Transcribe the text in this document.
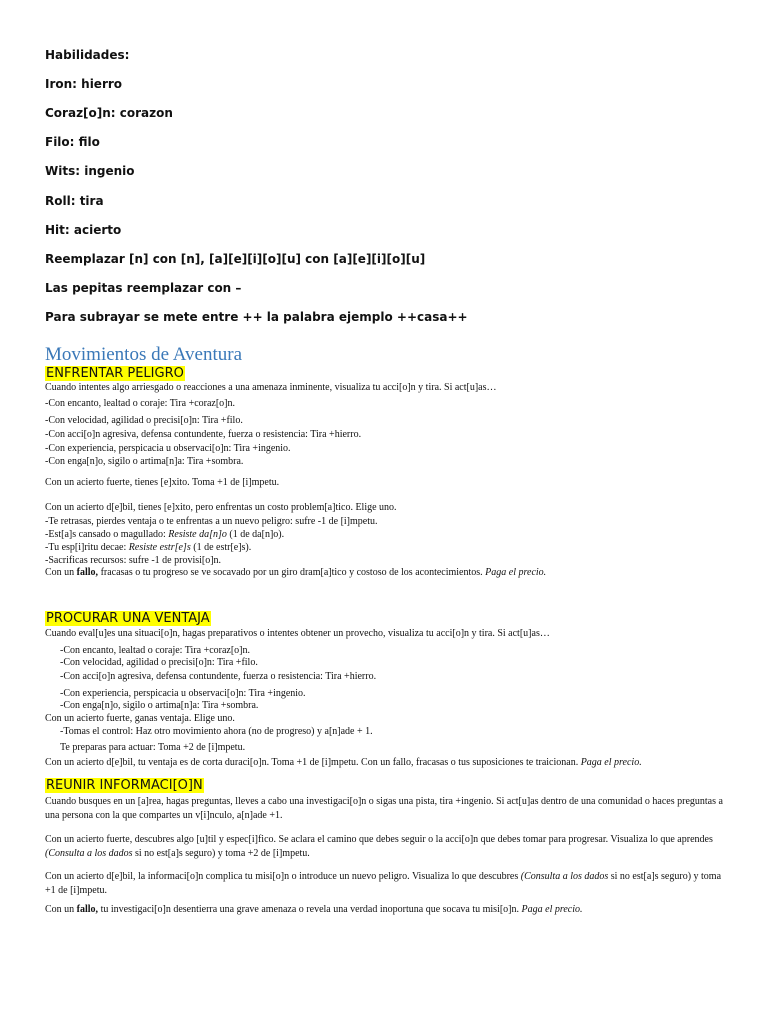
Habilidades:
Iron: hierro
Coraz[o]n: corazon
Filo: filo
Wits: ingenio
Roll: tira
Hit: acierto
Reemplazar [n] con [n], [a][e][i][o][u] con [a][e][i][o][u]
Las pepitas reemplazar con –
Para subrayar se mete entre ++ la palabra ejemplo ++casa++
Movimientos de Aventura
ENFRENTAR PELIGRO
Cuando intentes algo arriesgado o reacciones a una amenaza inminente, visualiza tu acci[o]n y tira. Si act[u]as…
-Con encanto, lealtad o coraje: Tira +coraz[o]n.
-Con velocidad, agilidad o precisi[o]n: Tira +filo.
-Con acci[o]n agresiva, defensa contundente, fuerza o resistencia: Tira +hierro.
-Con experiencia, perspicacia u observaci[o]n: Tira +ingenio.
-Con enga[n]o, sigilo o artima[n]a: Tira +sombra.
Con un acierto fuerte, tienes [e]xito. Toma +1 de [i]mpetu.
Con un acierto d[e]bil, tienes [e]xito, pero enfrentas un costo problem[a]tico. Elige uno.
-Te retrasas, pierdes ventaja o te enfrentas a un nuevo peligro: sufre -1 de [i]mpetu.
-Est[a]s cansado o magullado: Resiste da[n]o (1 de da[n]o).
-Tu esp[i]ritu decae: Resiste estr[e]s (1 de estr[e]s).
-Sacrificas recursos: sufre -1 de provisi[o]n.
Con un fallo, fracasas o tu progreso se ve socavado por un giro dram[a]tico y costoso de los acontecimientos. Paga el precio.
PROCURAR UNA VENTAJA
Cuando eval[u]es una situaci[o]n, hagas preparativos o intentes obtener un provecho, visualiza tu acci[o]n y tira. Si act[u]as…
-Con encanto, lealtad o coraje: Tira +coraz[o]n.
-Con velocidad, agilidad o precisi[o]n: Tira +filo.
-Con acci[o]n agresiva, defensa contundente, fuerza o resistencia: Tira +hierro.
-Con experiencia, perspicacia u observaci[o]n: Tira +ingenio.
-Con enga[n]o, sigilo o artima[n]a: Tira +sombra.
Con un acierto fuerte, ganas ventaja. Elige uno.
-Tomas el control: Haz otro movimiento ahora (no de progreso) y a[n]ade + 1.
Te preparas para actuar: Toma +2 de [i]mpetu.
Con un acierto d[e]bil, tu ventaja es de corta duraci[o]n. Toma +1 de [i]mpetu. Con un fallo, fracasas o tus suposiciones te traicionan. Paga el precio.
REUNIR INFORMACI[O]N
Cuando busques en un [a]rea, hagas preguntas, lleves a cabo una investigaci[o]n o sigas una pista, tira +ingenio. Si act[u]as dentro de una comunidad o haces preguntas a una persona con la que compartes un v[i]nculo, a[n]ade +1.
Con un acierto fuerte, descubres algo [u]til y espec[i]fico. Se aclara el camino que debes seguir o la acci[o]n que debes tomar para progresar. Visualiza lo que aprendes (Consulta a los dados si no est[a]s seguro) y toma +2 de [i]mpetu.
Con un acierto d[e]bil, la informaci[o]n complica tu misi[o]n o introduce un nuevo peligro. Visualiza lo que descubres (Consulta a los dados si no est[a]s seguro) y toma +1 de [i]mpetu.
Con un fallo, tu investigaci[o]n desentierra una grave amenaza o revela una verdad inoportuna que socava tu misi[o]n. Paga el precio.
